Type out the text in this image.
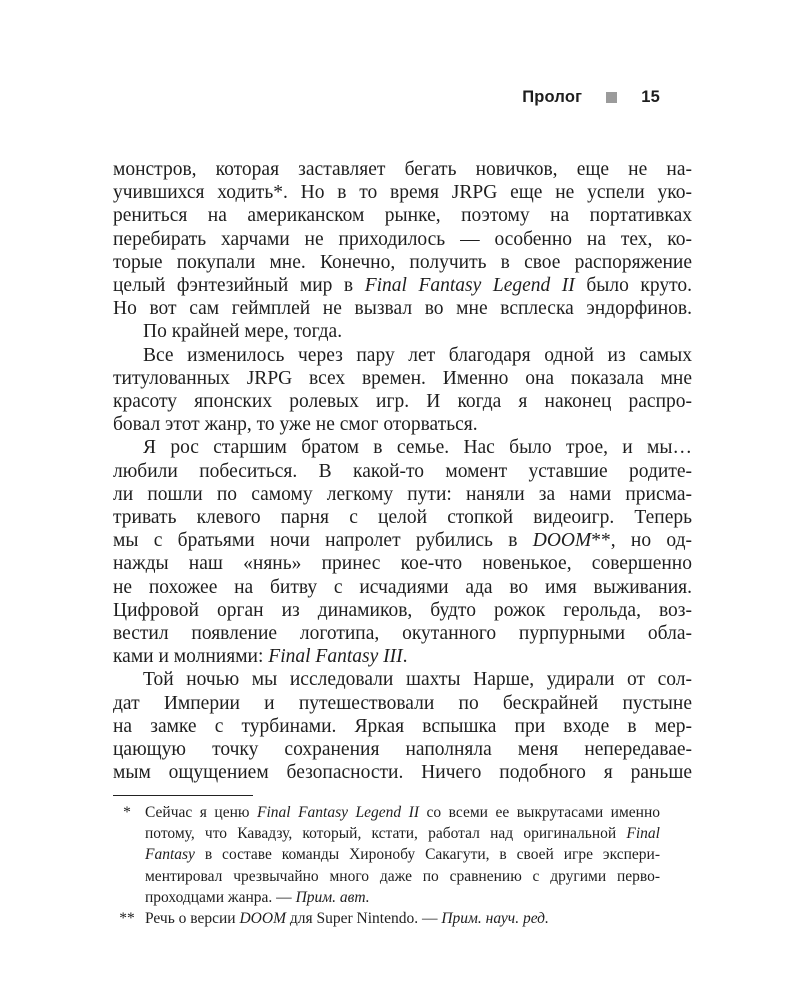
Пролог	15
монстров, которая заставляет бегать новичков, еще не на-
учившихся ходить*. Но в то время JRPG еще не успели уко-
рениться на американском рынке, поэтому на портативках
перебирать харчами не приходилось — особенно на тех, ко-
торые покупали мне. Конечно, получить в свое распоряжение
целый фэнтезийный мир в Final Fantasy Legend II было круто.
Но вот сам геймплей не вызвал во мне всплеска эндорфинов.
По крайней мере, тогда.
Все изменилось через пару лет благодаря одной из самых
титулованных JRPG всех времен. Именно она показала мне
красоту японских ролевых игр. И когда я наконец распро-
бовал этот жанр, то уже не смог оторваться.
Я рос старшим братом в семье. Нас было трое, и мы…
любили побеситься. В какой-то момент уставшие родите-
ли пошли по самому легкому пути: наняли за нами присма-
тривать клевого парня с целой стопкой видеоигр. Теперь
мы с братьями ночи напролет рубились в DOOM**, но од-
нажды наш «нянь» принес кое-что новенькое, совершенно
не похожее на битву с исчадиями ада во имя выживания.
Цифровой орган из динамиков, будто рожок герольда, воз-
вестил появление логотипа, окутанного пурпурными обла-
ками и молниями: Final Fantasy III.
Той ночью мы исследовали шахты Нарше, удирали от сол-
дат Империи и путешествовали по бескрайней пустыне
на замке с турбинами. Яркая вспышка при входе в мер-
цающую точку сохранения наполняла меня непередавае-
мым ощущением безопасности. Ничего подобного я раньше
* Сейчас я ценю Final Fantasy Legend II со всеми ее выкрутасами именно
потому, что Кавадзу, который, кстати, работал над оригинальной Final
Fantasy в составе команды Хиронобу Сакагути, в своей игре экспери-
ментировал чрезвычайно много даже по сравнению с другими перво-
проходцами жанра. — Прим. авт.
** Речь о версии DOOM для Super Nintendo. — Прим. науч. ред.
